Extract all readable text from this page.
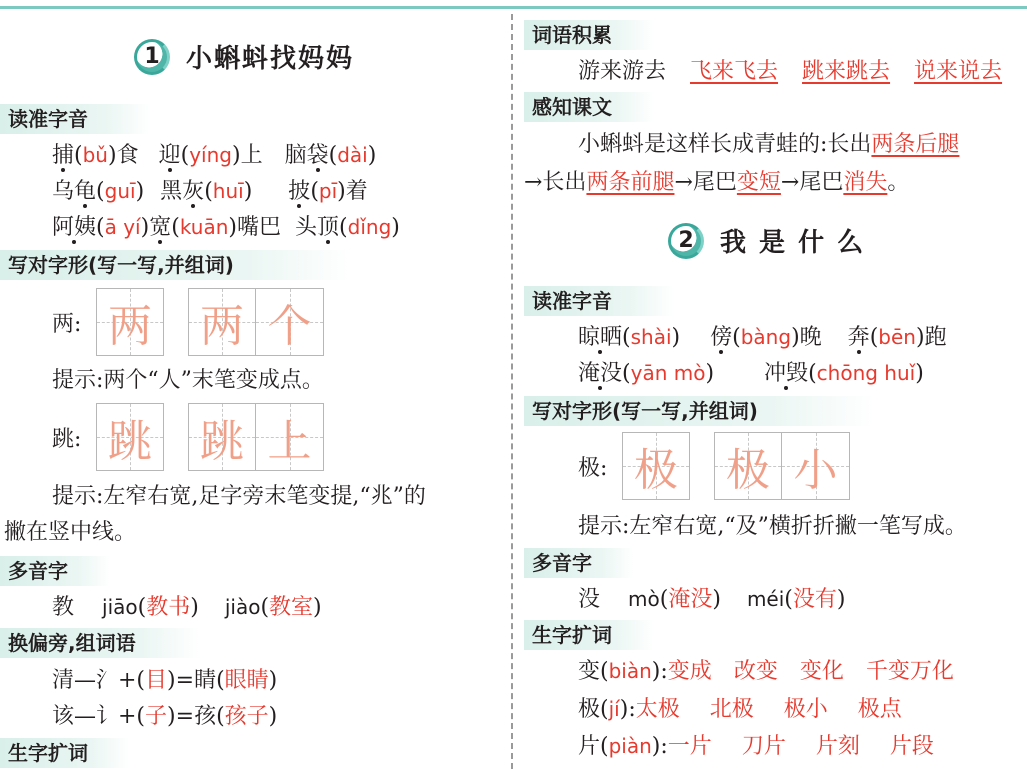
1	小蝌蚪找妈妈
读准字音
捕(bǔ)食 迎(yíng)上 脑袋(dài)
乌龟(guī) 黑灰(huī) 披(pī)着
阿姨(ā yí)宽(kuān)嘴巴 头顶(dǐng)
写对字形(写一写,并组词)
两: 两 两 个
提示:两个“人”末笔变成点。
跳: 跳 跳 上
提示:左窄右宽,足字旁末笔变提,“兆”的
撇在竖中线。
多音字
教 jiāo(教书) jiào(教室)
换偏旁,组词语
清—氵+(目)=睛(眼睛)
该—讠+(子)=孩(孩子)
生字扩词
词语积累
游来游去 飞来飞去 跳来跳去 说来说去
感知课文
小蝌蚪是这样长成青蛙的:长出两条后腿
→长出两条前腿→尾巴变短→尾巴消失。
2	我 是 什 么
读准字音
晾晒(shài) 傍(bàng)晚 奔(bēn)跑
淹没(yān mò) 冲毁(chōng huǐ)
写对字形(写一写,并组词)
极: 极 极 小
提示:左窄右宽,“及”横折折撇一笔写成。
多音字
没 mò(淹没) méi(没有)
生字扩词
变(biàn):变成 改变 变化 千变万化
极(jí):太极 北极 极小 极点
片(piàn):一片 刀片 片刻 片段
